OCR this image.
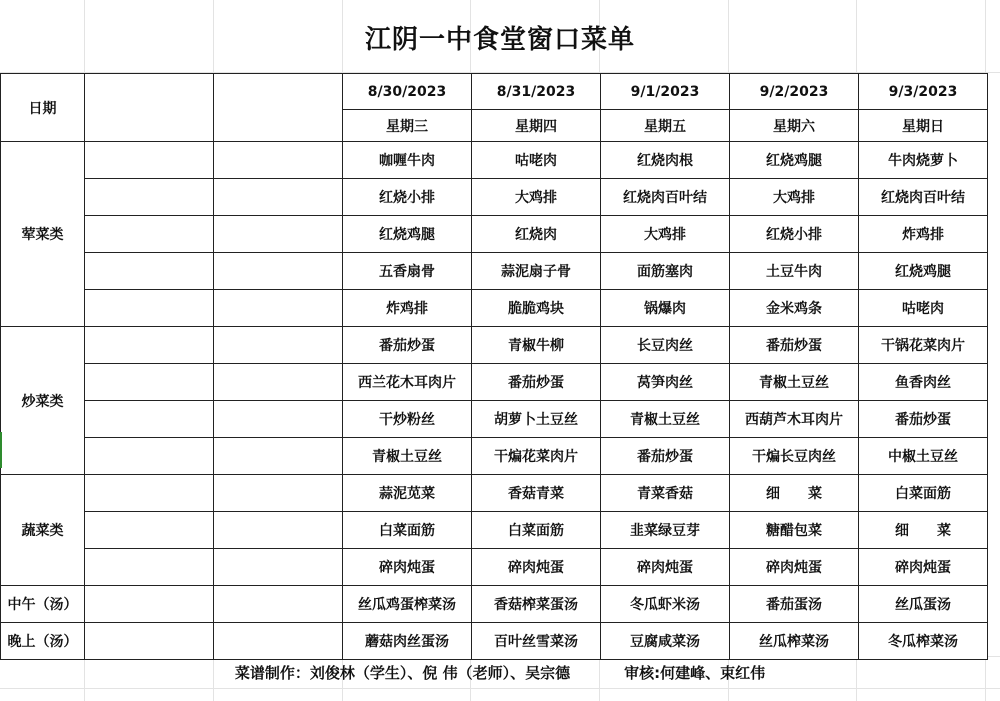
江阴一中食堂窗口菜单
日期			8/30/2023	8/31/2023	9/1/2023	9/2/2023	9/3/2023
			星期三	星期四	星期五	星期六	星期日
荤菜类			咖喱牛肉	咕咾肉	红烧肉根	红烧鸡腿	牛肉烧萝卜
			红烧小排	大鸡排	红烧肉百叶结	大鸡排	红烧肉百叶结
			红烧鸡腿	红烧肉	大鸡排	红烧小排	炸鸡排
			五香扇骨	蒜泥扇子骨	面筋塞肉	土豆牛肉	红烧鸡腿
			炸鸡排	脆脆鸡块	锅爆肉	金米鸡条	咕咾肉
炒菜类			番茄炒蛋	青椒牛柳	长豆肉丝	番茄炒蛋	干锅花菜肉片
			西兰花木耳肉片	番茄炒蛋	莴笋肉丝	青椒土豆丝	鱼香肉丝
			干炒粉丝	胡萝卜土豆丝	青椒土豆丝	西葫芦木耳肉片	番茄炒蛋
			青椒土豆丝	干煸花菜肉片	番茄炒蛋	干煸长豆肉丝	中椒土豆丝
蔬菜类			蒜泥苋菜	香菇青菜	青菜香菇	细　　菜	白菜面筋
			白菜面筋	白菜面筋	韭菜绿豆芽	糖醋包菜	细　　菜
			碎肉炖蛋	碎肉炖蛋	碎肉炖蛋	碎肉炖蛋	碎肉炖蛋
中午（汤）			丝瓜鸡蛋榨菜汤	香菇榨菜蛋汤	冬瓜虾米汤	番茄蛋汤	丝瓜蛋汤
晚上（汤）			蘑菇肉丝蛋汤	百叶丝雪菜汤	豆腐咸菜汤	丝瓜榨菜汤	冬瓜榨菜汤
菜谱制作：刘俊林（学生）、倪 伟（老师）、吴宗德	审核:何建峰、束红伟
